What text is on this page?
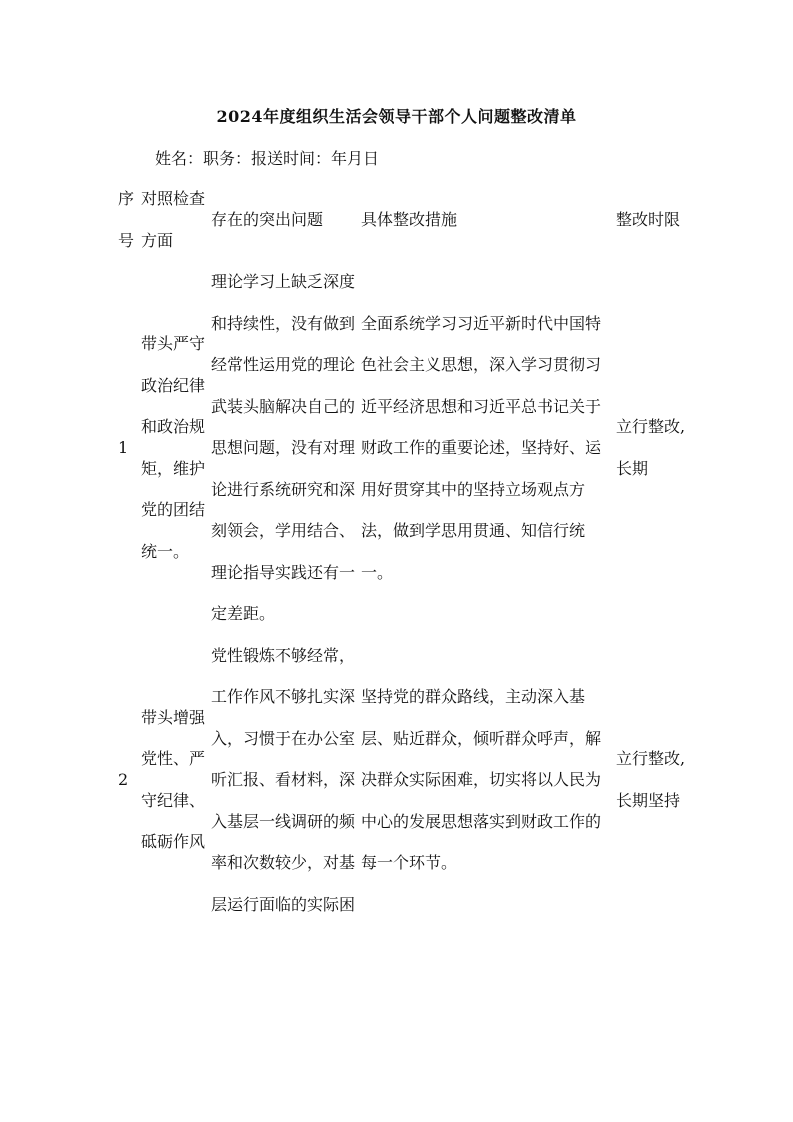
2024年度组织生活会领导干部个人问题整改清单
姓名：职务：报送时间：年月日
序号	对照检查方面	存在的突出问题	具体整改措施	整改时限
1	带头严守政治纪律和政治规矩，维护党的团结统一。	理论学习上缺乏深度和持续性，没有做到经常性运用党的理论武装头脑解决自己的思想问题，没有对理论进行系统研究和深刻领会，学用结合、理论指导实践还有一定差距。	全面系统学习习近平新时代中国特色社会主义思想，深入学习贯彻习近平经济思想和习近平总书记关于财政工作的重要论述，坚持好、运用好贯穿其中的坚持立场观点方法，做到学思用贯通、知信行统一。	立行整改,长期
2	带头增强党性、严守纪律、砥砺作风	党性锻炼不够经常，工作作风不够扎实深入，习惯于在办公室听汇报、看材料，深入基层一线调研的频率和次数较少，对基层运行面临的实际困	坚持党的群众路线，主动深入基层、贴近群众，倾听群众呼声，解决群众实际困难，切实将以人民为中心的发展思想落实到财政工作的每一个环节。	立行整改,长期坚持
